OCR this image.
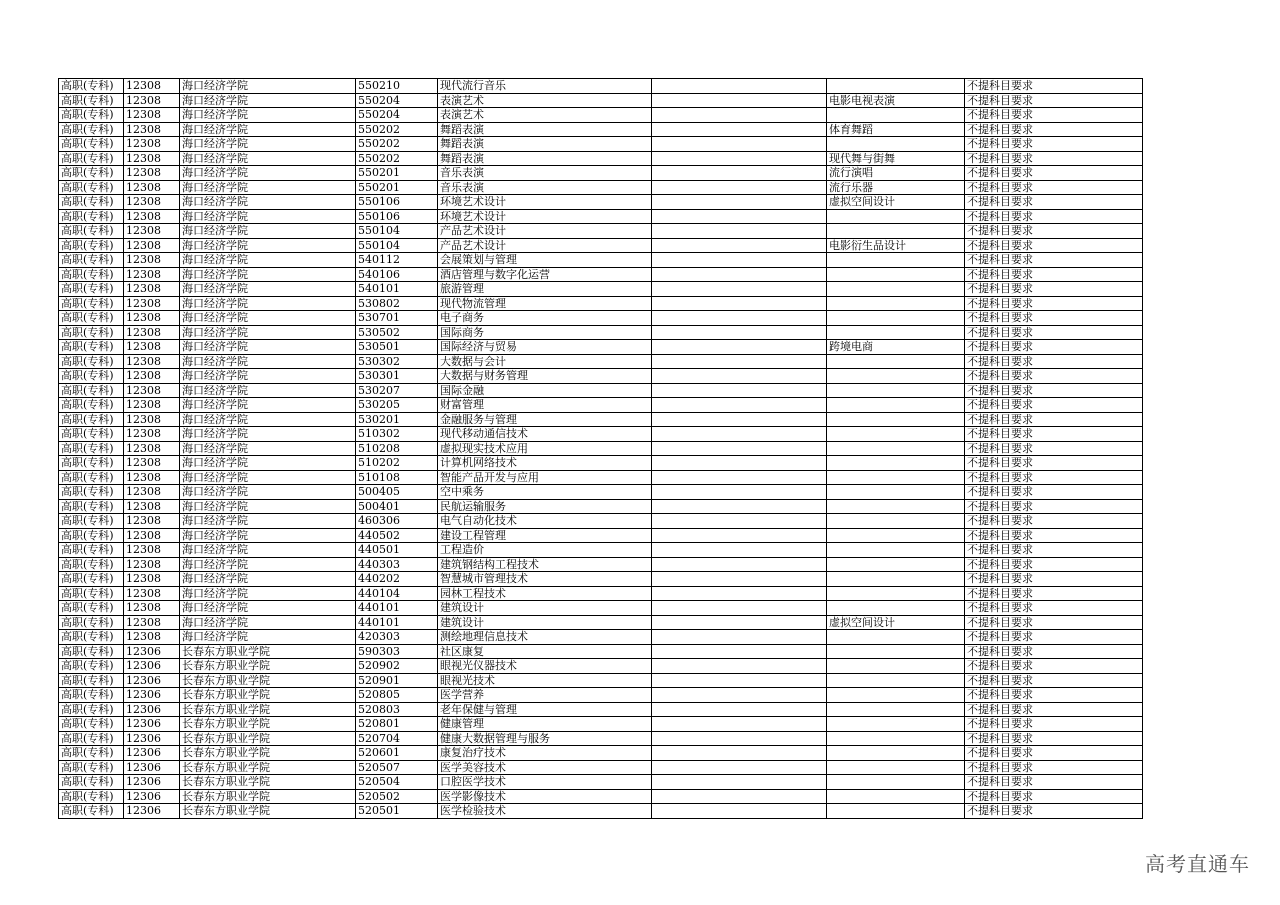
高职(专科)	12308	海口经济学院	550210	现代流行音乐			不提科目要求
高职(专科)	12308	海口经济学院	550204	表演艺术		电影电视表演	不提科目要求
高职(专科)	12308	海口经济学院	550204	表演艺术			不提科目要求
高职(专科)	12308	海口经济学院	550202	舞蹈表演		体育舞蹈	不提科目要求
高职(专科)	12308	海口经济学院	550202	舞蹈表演			不提科目要求
高职(专科)	12308	海口经济学院	550202	舞蹈表演		现代舞与街舞	不提科目要求
高职(专科)	12308	海口经济学院	550201	音乐表演		流行演唱	不提科目要求
高职(专科)	12308	海口经济学院	550201	音乐表演		流行乐器	不提科目要求
高职(专科)	12308	海口经济学院	550106	环境艺术设计		虚拟空间设计	不提科目要求
高职(专科)	12308	海口经济学院	550106	环境艺术设计			不提科目要求
高职(专科)	12308	海口经济学院	550104	产品艺术设计			不提科目要求
高职(专科)	12308	海口经济学院	550104	产品艺术设计		电影衍生品设计	不提科目要求
高职(专科)	12308	海口经济学院	540112	会展策划与管理			不提科目要求
高职(专科)	12308	海口经济学院	540106	酒店管理与数字化运营			不提科目要求
高职(专科)	12308	海口经济学院	540101	旅游管理			不提科目要求
高职(专科)	12308	海口经济学院	530802	现代物流管理			不提科目要求
高职(专科)	12308	海口经济学院	530701	电子商务			不提科目要求
高职(专科)	12308	海口经济学院	530502	国际商务			不提科目要求
高职(专科)	12308	海口经济学院	530501	国际经济与贸易		跨境电商	不提科目要求
高职(专科)	12308	海口经济学院	530302	大数据与会计			不提科目要求
高职(专科)	12308	海口经济学院	530301	大数据与财务管理			不提科目要求
高职(专科)	12308	海口经济学院	530207	国际金融			不提科目要求
高职(专科)	12308	海口经济学院	530205	财富管理			不提科目要求
高职(专科)	12308	海口经济学院	530201	金融服务与管理			不提科目要求
高职(专科)	12308	海口经济学院	510302	现代移动通信技术			不提科目要求
高职(专科)	12308	海口经济学院	510208	虚拟现实技术应用			不提科目要求
高职(专科)	12308	海口经济学院	510202	计算机网络技术			不提科目要求
高职(专科)	12308	海口经济学院	510108	智能产品开发与应用			不提科目要求
高职(专科)	12308	海口经济学院	500405	空中乘务			不提科目要求
高职(专科)	12308	海口经济学院	500401	民航运输服务			不提科目要求
高职(专科)	12308	海口经济学院	460306	电气自动化技术			不提科目要求
高职(专科)	12308	海口经济学院	440502	建设工程管理			不提科目要求
高职(专科)	12308	海口经济学院	440501	工程造价			不提科目要求
高职(专科)	12308	海口经济学院	440303	建筑钢结构工程技术			不提科目要求
高职(专科)	12308	海口经济学院	440202	智慧城市管理技术			不提科目要求
高职(专科)	12308	海口经济学院	440104	园林工程技术			不提科目要求
高职(专科)	12308	海口经济学院	440101	建筑设计			不提科目要求
高职(专科)	12308	海口经济学院	440101	建筑设计		虚拟空间设计	不提科目要求
高职(专科)	12308	海口经济学院	420303	测绘地理信息技术			不提科目要求
高职(专科)	12306	长春东方职业学院	590303	社区康复			不提科目要求
高职(专科)	12306	长春东方职业学院	520902	眼视光仪器技术			不提科目要求
高职(专科)	12306	长春东方职业学院	520901	眼视光技术			不提科目要求
高职(专科)	12306	长春东方职业学院	520805	医学营养			不提科目要求
高职(专科)	12306	长春东方职业学院	520803	老年保健与管理			不提科目要求
高职(专科)	12306	长春东方职业学院	520801	健康管理			不提科目要求
高职(专科)	12306	长春东方职业学院	520704	健康大数据管理与服务			不提科目要求
高职(专科)	12306	长春东方职业学院	520601	康复治疗技术			不提科目要求
高职(专科)	12306	长春东方职业学院	520507	医学美容技术			不提科目要求
高职(专科)	12306	长春东方职业学院	520504	口腔医学技术			不提科目要求
高职(专科)	12306	长春东方职业学院	520502	医学影像技术			不提科目要求
高职(专科)	12306	长春东方职业学院	520501	医学检验技术			不提科目要求
高考直通车
